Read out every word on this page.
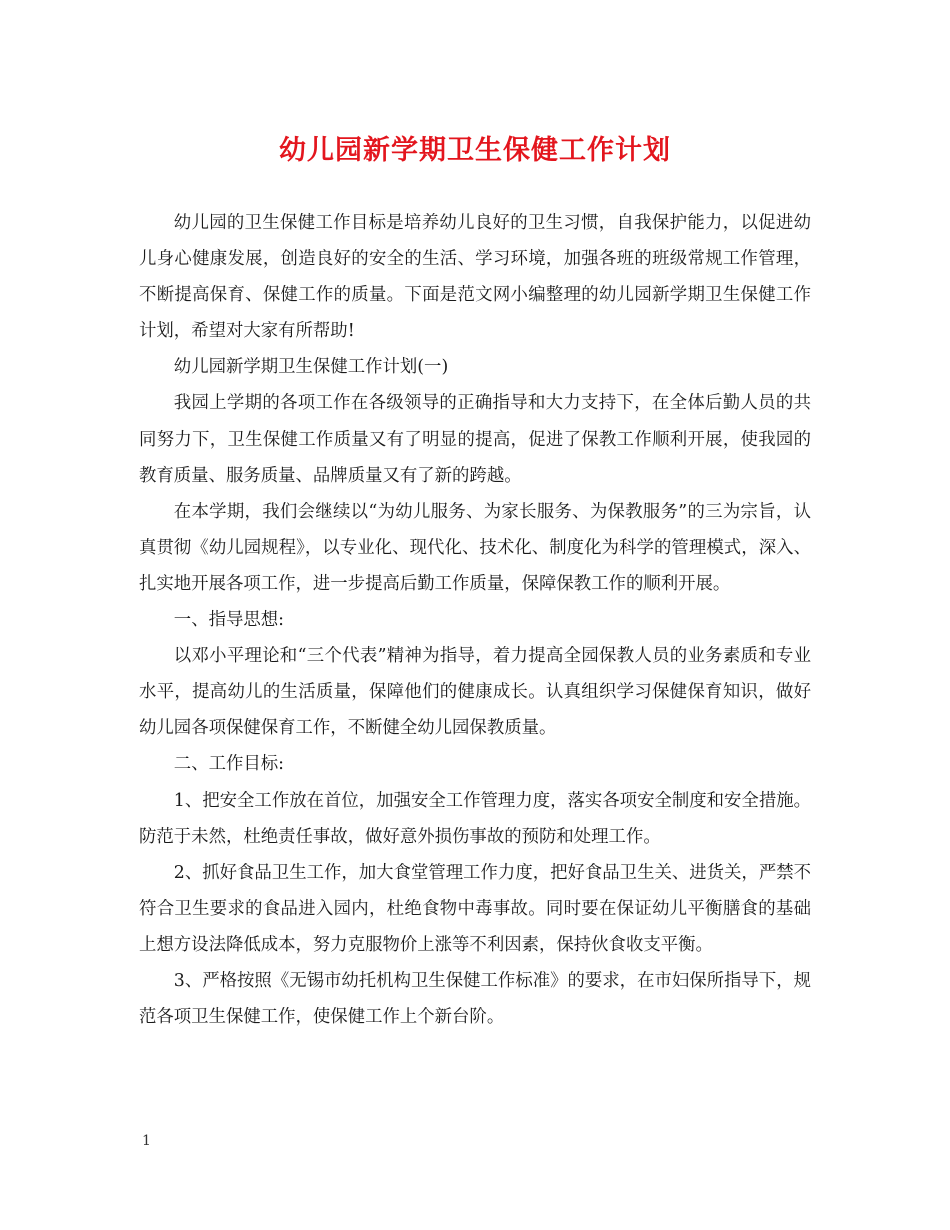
幼儿园新学期卫生保健工作计划

幼儿园的卫生保健工作目标是培养幼儿良好的卫生习惯，自我保护能力，以促进幼儿身心健康发展，创造良好的安全的生活、学习环境，加强各班的班级常规工作管理，不断提高保育、保健工作的质量。下面是范文网小编整理的幼儿园新学期卫生保健工作计划，希望对大家有所帮助!

幼儿园新学期卫生保健工作计划(一)

我园上学期的各项工作在各级领导的正确指导和大力支持下，在全体后勤人员的共同努力下，卫生保健工作质量又有了明显的提高，促进了保教工作顺利开展，使我园的教育质量、服务质量、品牌质量又有了新的跨越。

在本学期，我们会继续以“为幼儿服务、为家长服务、为保教服务”的三为宗旨，认真贯彻《幼儿园规程》，以专业化、现代化、技术化、制度化为科学的管理模式，深入、扎实地开展各项工作，进一步提高后勤工作质量，保障保教工作的顺利开展。

一、指导思想:

以邓小平理论和“三个代表”精神为指导，着力提高全园保教人员的业务素质和专业水平，提高幼儿的生活质量，保障他们的健康成长。认真组织学习保健保育知识，做好幼儿园各项保健保育工作，不断健全幼儿园保教质量。

二、工作目标:

1、把安全工作放在首位，加强安全工作管理力度，落实各项安全制度和安全措施。防范于未然，杜绝责任事故，做好意外损伤事故的预防和处理工作。

2、抓好食品卫生工作，加大食堂管理工作力度，把好食品卫生关、进货关，严禁不符合卫生要求的食品进入园内，杜绝食物中毒事故。同时要在保证幼儿平衡膳食的基础上想方设法降低成本，努力克服物价上涨等不利因素，保持伙食收支平衡。

3、严格按照《无锡市幼托机构卫生保健工作标准》的要求，在市妇保所指导下，规范各项卫生保健工作，使保健工作上个新台阶。

1
